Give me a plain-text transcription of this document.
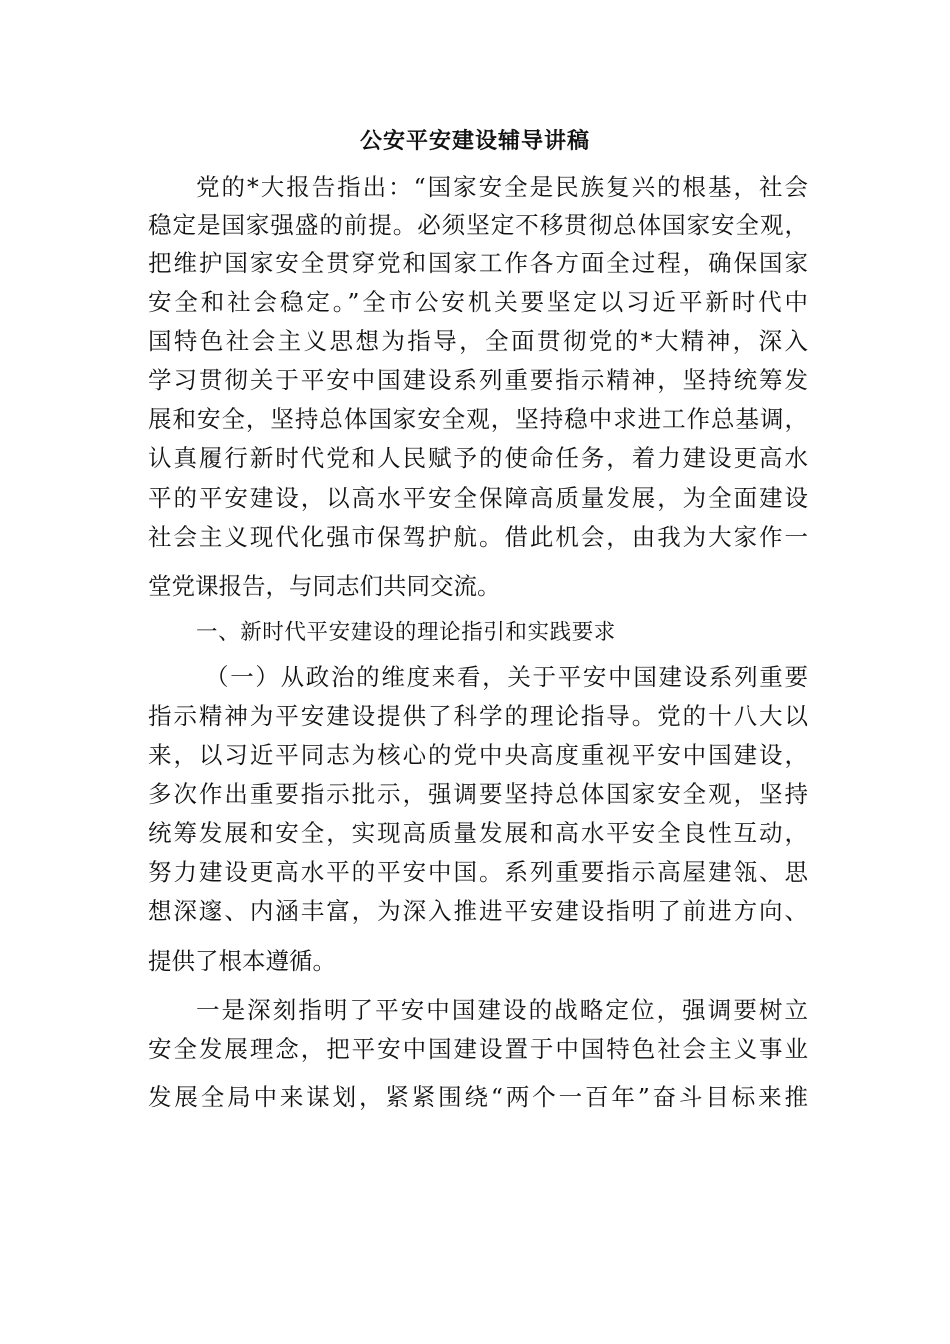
公安平安建设辅导讲稿

党的*大报告指出：“国家安全是民族复兴的根基，社会

稳定是国家强盛的前提。必须坚定不移贯彻总体国家安全观，

把维护国家安全贯穿党和国家工作各方面全过程，确保国家

安全和社会稳定。”全市公安机关要坚定以习近平新时代中

国特色社会主义思想为指导，全面贯彻党的*大精神，深入

学习贯彻关于平安中国建设系列重要指示精神，坚持统筹发

展和安全，坚持总体国家安全观，坚持稳中求进工作总基调，

认真履行新时代党和人民赋予的使命任务，着力建设更高水

平的平安建设，以高水平安全保障高质量发展，为全面建设

社会主义现代化强市保驾护航。借此机会，由我为大家作一

堂党课报告，与同志们共同交流。

一、新时代平安建设的理论指引和实践要求

（一）从政治的维度来看，关于平安中国建设系列重要

指示精神为平安建设提供了科学的理论指导。党的十八大以

来，以习近平同志为核心的党中央高度重视平安中国建设，

多次作出重要指示批示，强调要坚持总体国家安全观，坚持

统筹发展和安全，实现高质量发展和高水平安全良性互动，

努力建设更高水平的平安中国。系列重要指示高屋建瓴、思

想深邃、内涵丰富，为深入推进平安建设指明了前进方向、

提供了根本遵循。

一是深刻指明了平安中国建设的战略定位，强调要树立

安全发展理念，把平安中国建设置于中国特色社会主义事业

发展全局中来谋划，紧紧围绕“两个一百年”奋斗目标来推
